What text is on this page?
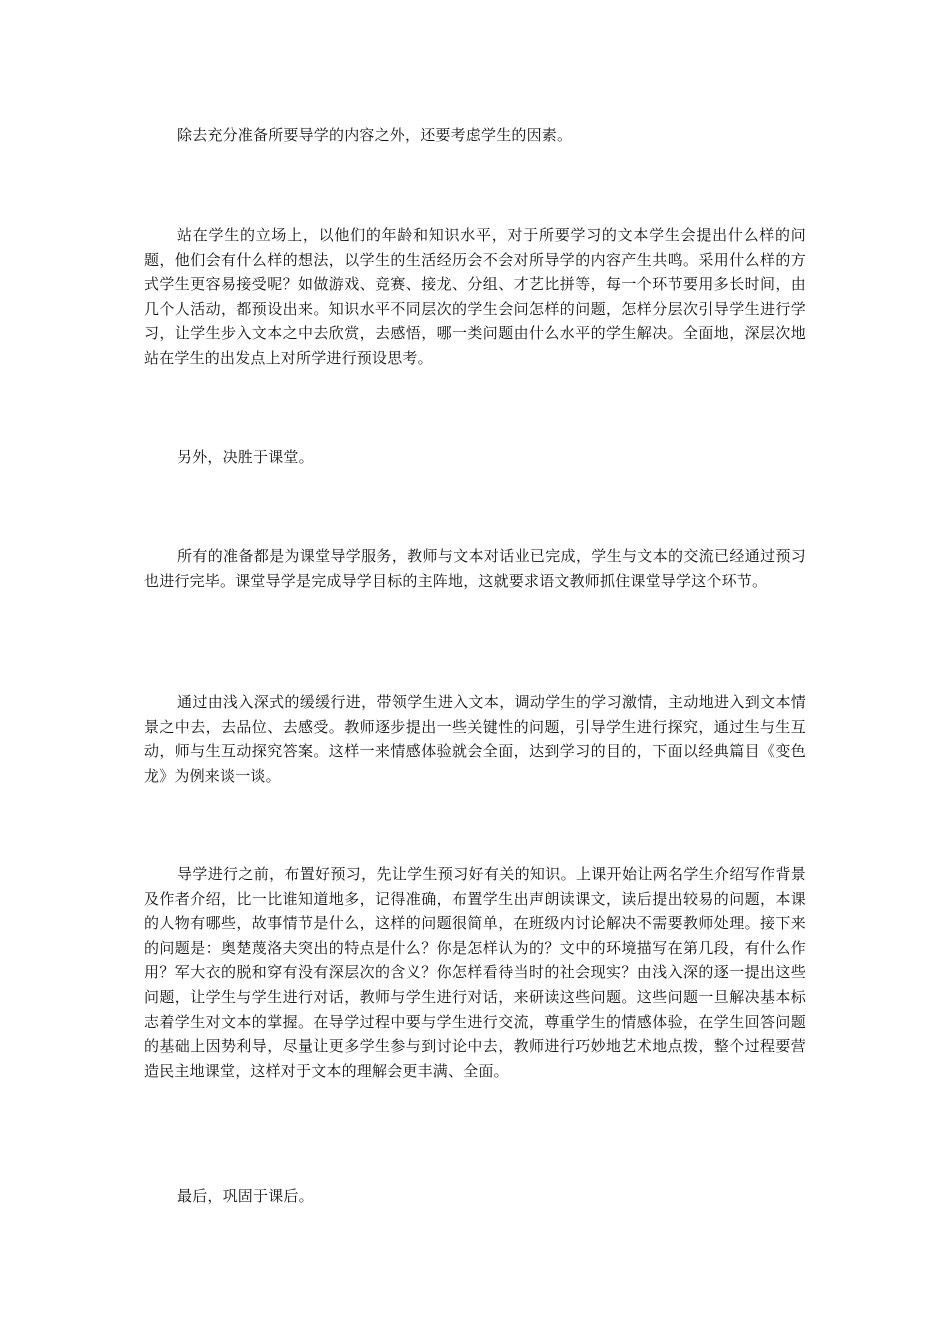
除去充分准备所要导学的内容之外，还要考虑学生的因素。

站在学生的立场上，以他们的年龄和知识水平，对于所要学习的文本学生会提出什么样的问题，他们会有什么样的想法，以学生的生活经历会不会对所导学的内容产生共鸣。采用什么样的方式学生更容易接受呢？如做游戏、竞赛、接龙、分组、才艺比拼等，每一个环节要用多长时间，由几个人活动，都预设出来。知识水平不同层次的学生会问怎样的问题，怎样分层次引导学生进行学习，让学生步入文本之中去欣赏，去感悟，哪一类问题由什么水平的学生解决。全面地，深层次地站在学生的出发点上对所学进行预设思考。

另外，决胜于课堂。

所有的准备都是为课堂导学服务，教师与文本对话业已完成，学生与文本的交流已经通过预习也进行完毕。课堂导学是完成导学目标的主阵地，这就要求语文教师抓住课堂导学这个环节。

通过由浅入深式的缓缓行进，带领学生进入文本，调动学生的学习激情，主动地进入到文本情景之中去，去品位、去感受。教师逐步提出一些关键性的问题，引导学生进行探究，通过生与生互动，师与生互动探究答案。这样一来情感体验就会全面，达到学习的目的，下面以经典篇目《变色龙》为例来谈一谈。

导学进行之前，布置好预习，先让学生预习好有关的知识。上课开始让两名学生介绍写作背景及作者介绍，比一比谁知道地多，记得准确，布置学生出声朗读课文，读后提出较易的问题，本课的人物有哪些，故事情节是什么，这样的问题很简单，在班级内讨论解决不需要教师处理。接下来的问题是：奥楚蔑洛夫突出的特点是什么？你是怎样认为的？文中的环境描写在第几段，有什么作用？军大衣的脱和穿有没有深层次的含义？你怎样看待当时的社会现实？由浅入深的逐一提出这些问题，让学生与学生进行对话，教师与学生进行对话，来研读这些问题。这些问题一旦解决基本标志着学生对文本的掌握。在导学过程中要与学生进行交流，尊重学生的情感体验，在学生回答问题的基础上因势利导，尽量让更多学生参与到讨论中去，教师进行巧妙地艺术地点拨，整个过程要营造民主地课堂，这样对于文本的理解会更丰满、全面。

最后，巩固于课后。
